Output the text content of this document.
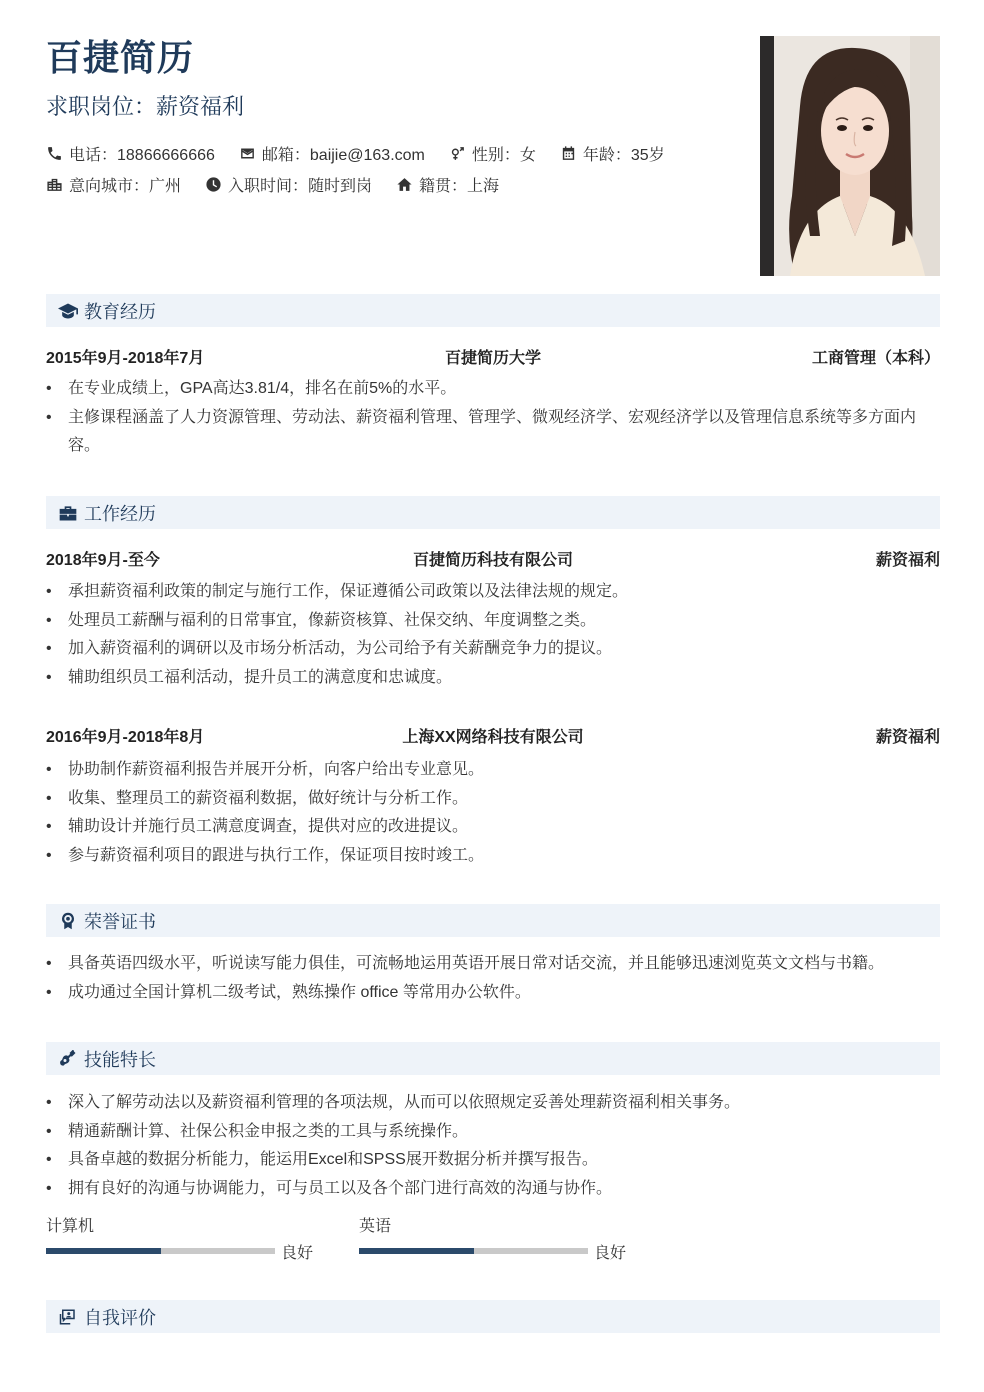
百捷简历
求职岗位：薪资福利
电话：18866666666	邮箱：baijie@163.com	性别：女	年龄：35岁
意向城市：广州	入职时间：随时到岗	籍贯：上海
教育经历
2015年9月-2018年7月	百捷简历大学	工商管理（本科）
• 在专业成绩上，GPA高达3.81/4，排名在前5%的水平。
• 主修课程涵盖了人力资源管理、劳动法、薪资福利管理、管理学、微观经济学、宏观经济学以及管理信息系统等多方面内容。
工作经历
2018年9月-至今	百捷简历科技有限公司	薪资福利
• 承担薪资福利政策的制定与施行工作，保证遵循公司政策以及法律法规的规定。
• 处理员工薪酬与福利的日常事宜，像薪资核算、社保交纳、年度调整之类。
• 加入薪资福利的调研以及市场分析活动，为公司给予有关薪酬竞争力的提议。
• 辅助组织员工福利活动，提升员工的满意度和忠诚度。
2016年9月-2018年8月	上海XX网络科技有限公司	薪资福利
• 协助制作薪资福利报告并展开分析，向客户给出专业意见。
• 收集、整理员工的薪资福利数据，做好统计与分析工作。
• 辅助设计并施行员工满意度调查，提供对应的改进提议。
• 参与薪资福利项目的跟进与执行工作，保证项目按时竣工。
荣誉证书
• 具备英语四级水平，听说读写能力俱佳，可流畅地运用英语开展日常对话交流，并且能够迅速浏览英文文档与书籍。
• 成功通过全国计算机二级考试，熟练操作 office 等常用办公软件。
技能特长
• 深入了解劳动法以及薪资福利管理的各项法规，从而可以依照规定妥善处理薪资福利相关事务。
• 精通薪酬计算、社保公积金申报之类的工具与系统操作。
• 具备卓越的数据分析能力，能运用Excel和SPSS展开数据分析并撰写报告。
• 拥有良好的沟通与协调能力，可与员工以及各个部门进行高效的沟通与协作。
计算机
良好
英语
良好
自我评价
